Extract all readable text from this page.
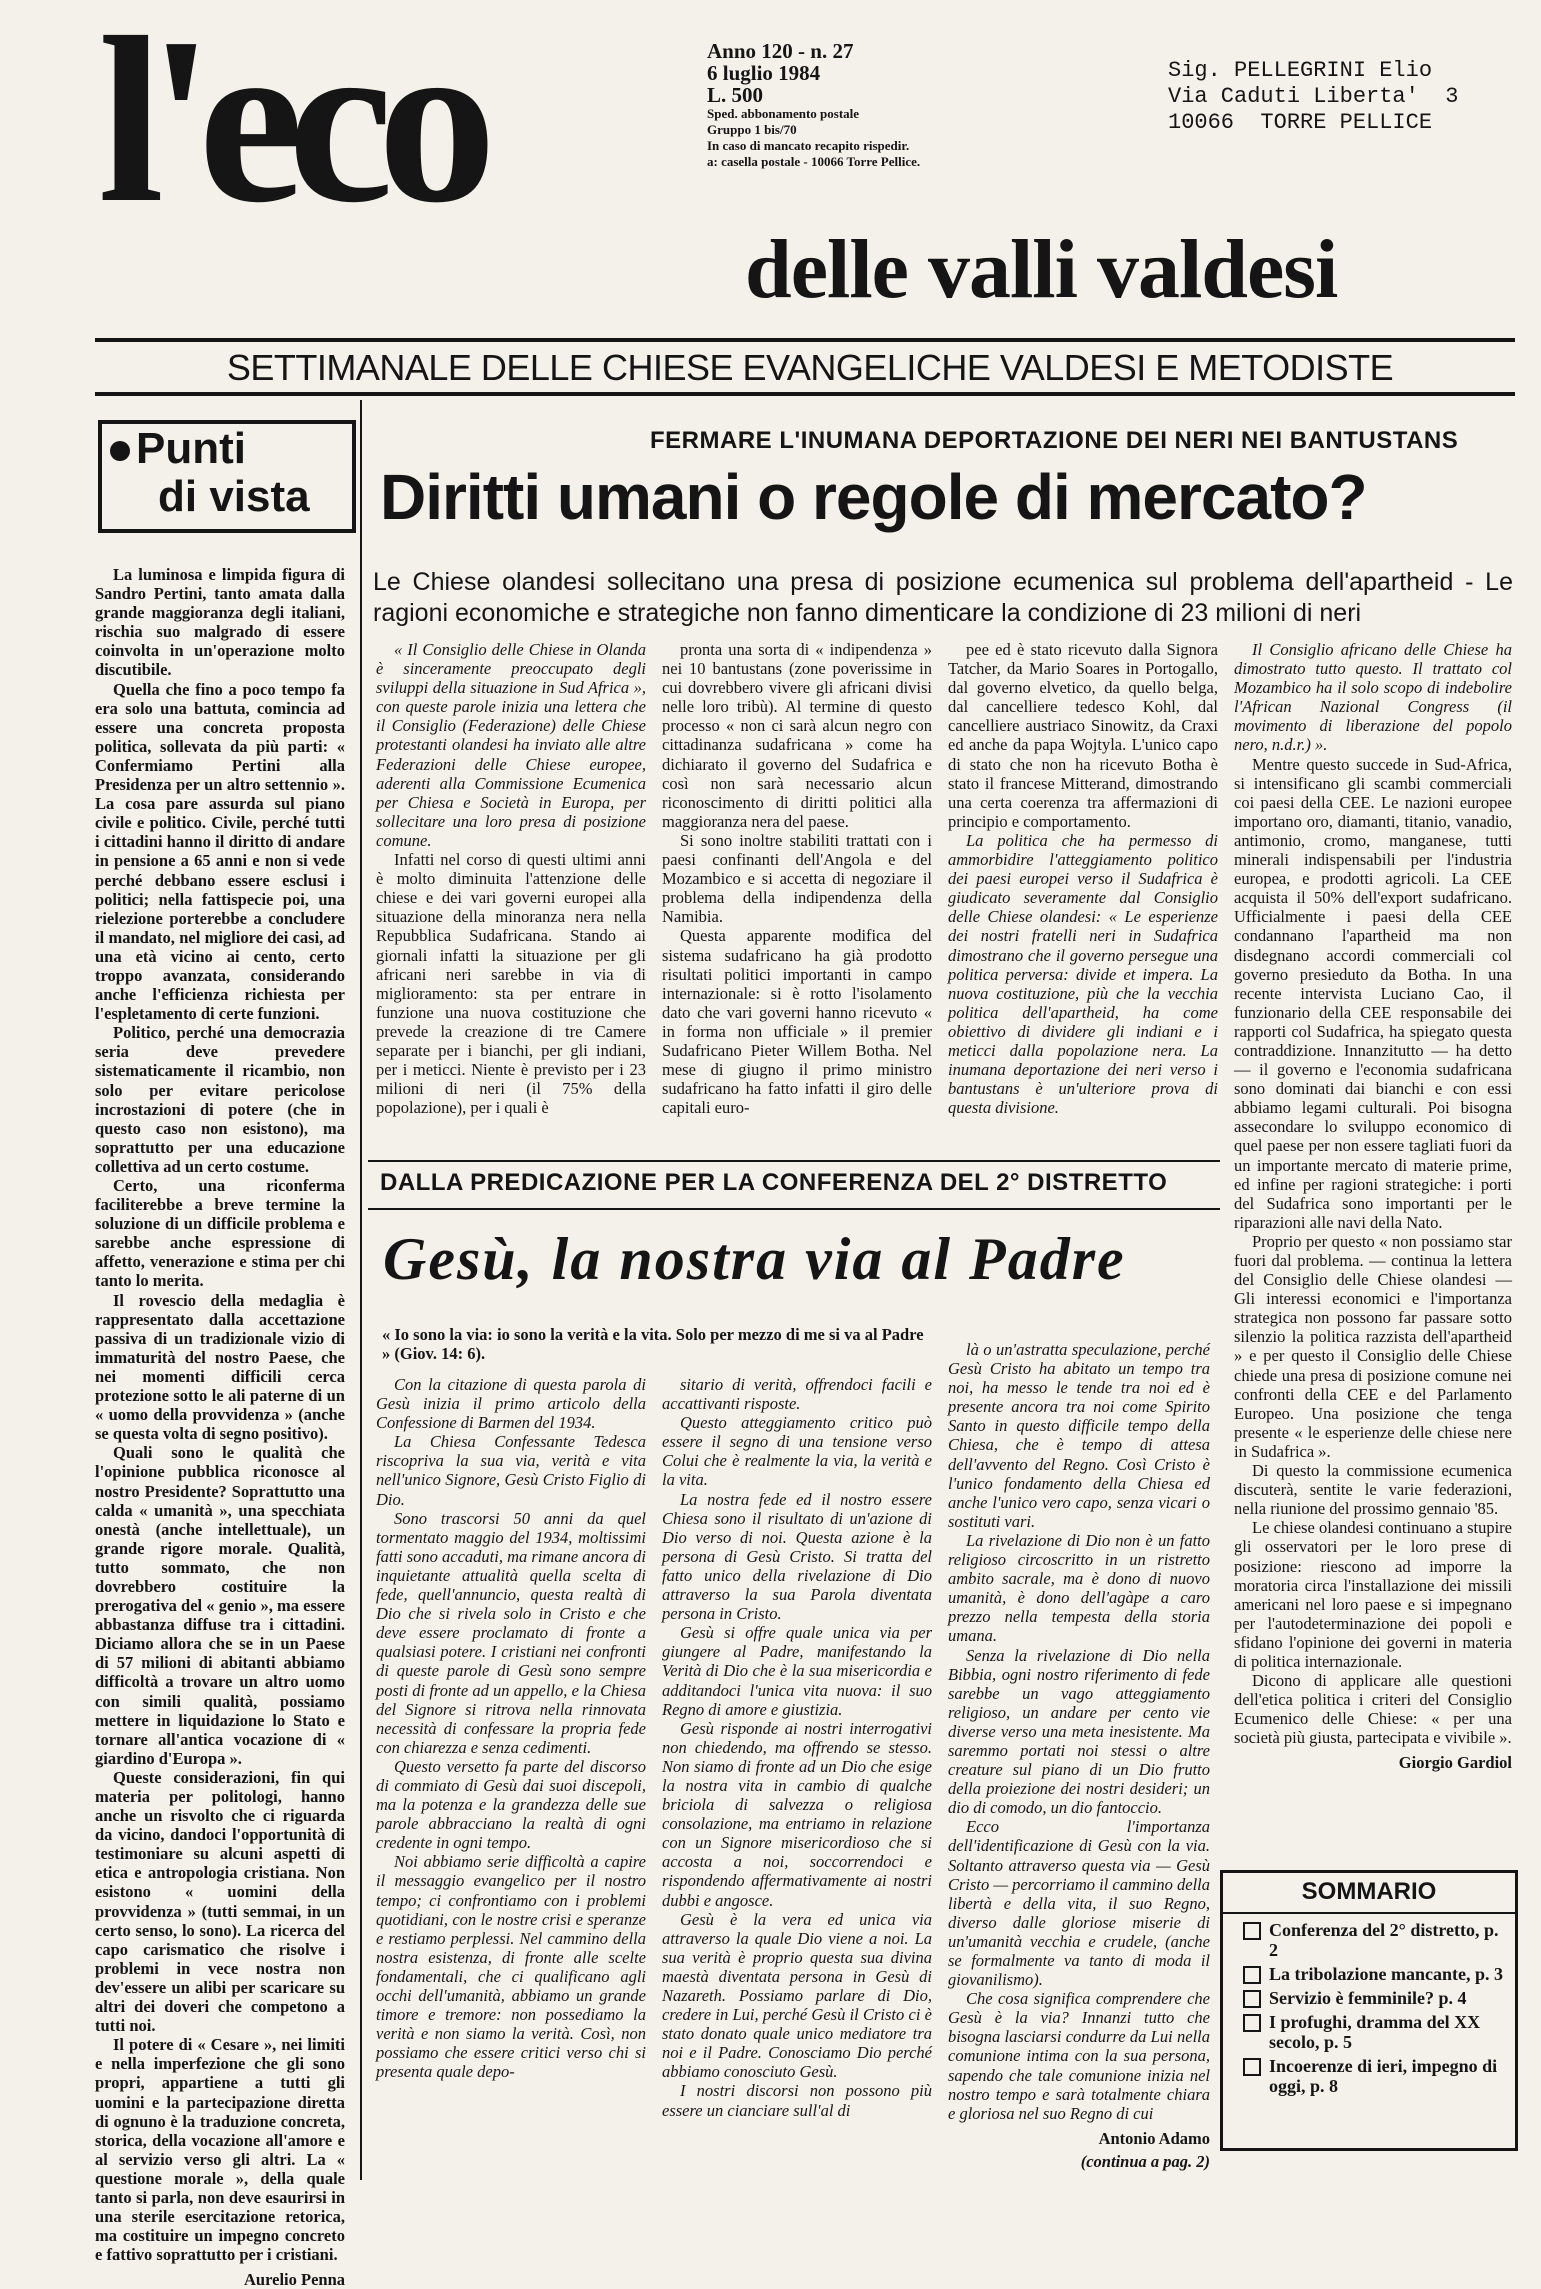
l'eco
delle valli valdesi
Anno 120 - n. 27
6 luglio 1984
L. 500
Sped. abbonamento postale
Gruppo 1 bis/70
In caso di mancato recapito rispedir.
a: casella postale - 10066 Torre Pellice.
Sig. PELLEGRINI Elio
Via Caduti Liberta'  3
10066  TORRE PELLICE
SETTIMANALE DELLE CHIESE EVANGELICHE VALDESI E METODISTE
Punti
di vista

La luminosa e limpida figura di Sandro Pertini, tanto amata dalla grande maggioranza degli italiani, rischia suo malgrado di essere coinvolta in un'operazione molto discutibile.

Quella che fino a poco tempo fa era solo una battuta, comincia ad essere una concreta proposta politica, sollevata da più parti: « Confermiamo Pertini alla Presidenza per un altro settennio ». La cosa pare assurda sul piano civile e politico. Civile, perché tutti i cittadini hanno il diritto di andare in pensione a 65 anni e non si vede perché debbano essere esclusi i politici; nella fattispecie poi, una rielezione porterebbe a concludere il mandato, nel migliore dei casi, ad una età vicino ai cento, certo troppo avanzata, considerando anche l'efficienza richiesta per l'espletamento di certe funzioni.

Politico, perché una democrazia seria deve prevedere sistematicamente il ricambio, non solo per evitare pericolose incrostazioni di potere (che in questo caso non esistono), ma soprattutto per una educazione collettiva ad un certo costume.

Certo, una riconferma faciliterebbe a breve termine la soluzione di un difficile problema e sarebbe anche espressione di affetto, venerazione e stima per chi tanto lo merita.

Il rovescio della medaglia è rappresentato dalla accettazione passiva di un tradizionale vizio di immaturità del nostro Paese, che nei momenti difficili cerca protezione sotto le ali paterne di un « uomo della provvidenza » (anche se questa volta di segno positivo).

Quali sono le qualità che l'opinione pubblica riconosce al nostro Presidente? Soprattutto una calda « umanità », una specchiata onestà (anche intellettuale), un grande rigore morale. Qualità, tutto sommato, che non dovrebbero costituire la prerogativa del « genio », ma essere abbastanza diffuse tra i cittadini. Diciamo allora che se in un Paese di 57 milioni di abitanti abbiamo difficoltà a trovare un altro uomo con simili qualità, possiamo mettere in liquidazione lo Stato e tornare all'antica vocazione di « giardino d'Europa ».

Queste considerazioni, fin qui materia per politologi, hanno anche un risvolto che ci riguarda da vicino, dandoci l'opportunità di testimoniare su alcuni aspetti di etica e antropologia cristiana. Non esistono « uomini della provvidenza » (tutti semmai, in un certo senso, lo sono). La ricerca del capo carismatico che risolve i problemi in vece nostra non dev'essere un alibi per scaricare su altri dei doveri che competono a tutti noi.

Il potere di « Cesare », nei limiti e nella imperfezione che gli sono propri, appartiene a tutti gli uomini e la partecipazione diretta di ognuno è la traduzione concreta, storica, della vocazione all'amore e al servizio verso gli altri. La « questione morale », della quale tanto si parla, non deve esaurirsi in una sterile esercitazione retorica, ma costituire un impegno concreto e fattivo soprattutto per i cristiani.

Aurelio Penna
FERMARE L'INUMANA DEPORTAZIONE DEI NERI NEI BANTUSTANS
Diritti umani o regole di mercato?
Le Chiese olandesi sollecitano una presa di posizione ecumenica sul problema dell'apartheid - Le ragioni economiche e strategiche non fanno dimenticare la condizione di 23 milioni di neri

« Il Consiglio delle Chiese in Olanda è sinceramente preoccupato degli sviluppi della situazione in Sud Africa », con queste parole inizia una lettera che il Consiglio (Federazione) delle Chiese protestanti olandesi ha inviato alle altre Federazioni delle Chiese europee, aderenti alla Commissione Ecumenica per Chiesa e Società in Europa, per sollecitare una loro presa di posizione comune.

Infatti nel corso di questi ultimi anni è molto diminuita l'attenzione delle chiese e dei vari governi europei alla situazione della minoranza nera nella Repubblica Sudafricana. Stando ai giornali infatti la situazione per gli africani neri sarebbe in via di miglioramento: sta per entrare in funzione una nuova costituzione che prevede la creazione di tre Camere separate per i bianchi, per gli indiani, per i meticci. Niente è previsto per i 23 milioni di neri (il 75% della popolazione), per i quali è

pronta una sorta di « indipendenza » nei 10 bantustans (zone poverissime in cui dovrebbero vivere gli africani divisi nelle loro tribù). Al termine di questo processo « non ci sarà alcun negro con cittadinanza sudafricana » come ha dichiarato il governo del Sudafrica e così non sarà necessario alcun riconoscimento di diritti politici alla maggioranza nera del paese.

Si sono inoltre stabiliti trattati con i paesi confinanti dell'Angola e del Mozambico e si accetta di negoziare il problema della indipendenza della Namibia.

Questa apparente modifica del sistema sudafricano ha già prodotto risultati politici importanti in campo internazionale: si è rotto l'isolamento dato che vari governi hanno ricevuto « in forma non ufficiale » il premier Sudafricano Pieter Willem Botha. Nel mese di giugno il primo ministro sudafricano ha fatto infatti il giro delle capitali euro-

pee ed è stato ricevuto dalla Signora Tatcher, da Mario Soares in Portogallo, dal governo elvetico, da quello belga, dal cancelliere tedesco Kohl, dal cancelliere austriaco Sinowitz, da Craxi ed anche da papa Wojtyla. L'unico capo di stato che non ha ricevuto Botha è stato il francese Mitterand, dimostrando una certa coerenza tra affermazioni di principio e comportamento.

La politica che ha permesso di ammorbidire l'atteggiamento politico dei paesi europei verso il Sudafrica è giudicato severamente dal Consiglio delle Chiese olandesi: « Le esperienze dei nostri fratelli neri in Sudafrica dimostrano che il governo persegue una politica perversa: divide et impera. La nuova costituzione, più che la vecchia politica dell'apartheid, ha come obiettivo di dividere gli indiani e i meticci dalla popolazione nera. La inumana deportazione dei neri verso i bantustans è un'ulteriore prova di questa divisione.

Il Consiglio africano delle Chiese ha dimostrato tutto questo. Il trattato col Mozambico ha il solo scopo di indebolire l'African Nazional Congress (il movimento di liberazione del popolo nero, n.d.r.) ».

Mentre questo succede in Sud-Africa, si intensificano gli scambi commerciali coi paesi della CEE. Le nazioni europee importano oro, diamanti, titanio, vanadio, antimonio, cromo, manganese, tutti minerali indispensabili per l'industria europea, e prodotti agricoli. La CEE acquista il 50% dell'export sudafricano. Ufficialmente i paesi della CEE condannano l'apartheid ma non disdegnano accordi commerciali col governo presieduto da Botha. In una recente intervista Luciano Cao, il funzionario della CEE responsabile dei rapporti col Sudafrica, ha spiegato questa contraddizione. Innanzitutto — ha detto — il governo e l'economia sudafricana sono dominati dai bianchi e con essi abbiamo legami culturali. Poi bisogna assecondare lo sviluppo economico di quel paese per non essere tagliati fuori da un importante mercato di materie prime, ed infine per ragioni strategiche: i porti del Sudafrica sono importanti per le riparazioni alle navi della Nato.

Proprio per questo « non possiamo star fuori dal problema. — continua la lettera del Consiglio delle Chiese olandesi — Gli interessi economici e l'importanza strategica non possono far passare sotto silenzio la politica razzista dell'apartheid » e per questo il Consiglio delle Chiese chiede una presa di posizione comune nei confronti della CEE e del Parlamento Europeo. Una posizione che tenga presente « le esperienze delle chiese nere in Sudafrica ».

Di questo la commissione ecumenica discuterà, sentite le varie federazioni, nella riunione del prossimo gennaio '85.

Le chiese olandesi continuano a stupire gli osservatori per le loro prese di posizione: riescono ad imporre la moratoria circa l'installazione dei missili americani nel loro paese e si impegnano per l'autodeterminazione dei popoli e sfidano l'opinione dei governi in materia di politica internazionale.

Dicono di applicare alle questioni dell'etica politica i criteri del Consiglio Ecumenico delle Chiese: « per una società più giusta, partecipata e vivibile ».

Giorgio Gardiol
DALLA PREDICAZIONE PER LA CONFERENZA DEL 2° DISTRETTO
Gesù, la nostra via al Padre
« Io sono la via: io sono la verità e la vita. Solo per mezzo di me si va al Padre » (Giov. 14: 6).

Con la citazione di questa parola di Gesù inizia il primo articolo della Confessione di Barmen del 1934.

La Chiesa Confessante Tedesca riscopriva la sua via, verità e vita nell'unico Signore, Gesù Cristo Figlio di Dio.

Sono trascorsi 50 anni da quel tormentato maggio del 1934, moltissimi fatti sono accaduti, ma rimane ancora di inquietante attualità quella scelta di fede, quell'annuncio, questa realtà di Dio che si rivela solo in Cristo e che deve essere proclamato di fronte a qualsiasi potere. I cristiani nei confronti di queste parole di Gesù sono sempre posti di fronte ad un appello, e la Chiesa del Signore si ritrova nella rinnovata necessità di confessare la propria fede con chiarezza e senza cedimenti.

Questo versetto fa parte del discorso di commiato di Gesù dai suoi discepoli, ma la potenza e la grandezza delle sue parole abbracciano la realtà di ogni credente in ogni tempo.

Noi abbiamo serie difficoltà a capire il messaggio evangelico per il nostro tempo; ci confrontiamo con i problemi quotidiani, con le nostre crisi e speranze e restiamo perplessi. Nel cammino della nostra esistenza, di fronte alle scelte fondamentali, che ci qualificano agli occhi dell'umanità, abbiamo un grande timore e tremore: non possediamo la verità e non siamo la verità. Così, non possiamo che essere critici verso chi si presenta quale depo-

sitario di verità, offrendoci facili e accattivanti risposte.

Questo atteggiamento critico può essere il segno di una tensione verso Colui che è realmente la via, la verità e la vita.

La nostra fede ed il nostro essere Chiesa sono il risultato di un'azione di Dio verso di noi. Questa azione è la persona di Gesù Cristo. Si tratta del fatto unico della rivelazione di Dio attraverso la sua Parola diventata persona in Cristo.

Gesù si offre quale unica via per giungere al Padre, manifestando la Verità di Dio che è la sua misericordia e additandoci l'unica vita nuova: il suo Regno di amore e giustizia.

Gesù risponde ai nostri interrogativi non chiedendo, ma offrendo se stesso. Non siamo di fronte ad un Dio che esige la nostra vita in cambio di qualche briciola di salvezza o religiosa consolazione, ma entriamo in relazione con un Signore misericordioso che si accosta a noi, soccorrendoci e rispondendo affermativamente ai nostri dubbi e angosce.

Gesù è la vera ed unica via attraverso la quale Dio viene a noi. La sua verità è proprio questa sua divina maestà diventata persona in Gesù di Nazareth. Possiamo parlare di Dio, credere in Lui, perché Gesù il Cristo ci è stato donato quale unico mediatore tra noi e il Padre. Conosciamo Dio perché abbiamo conosciuto Gesù.

I nostri discorsi non possono più essere un cianciare sull'al di

là o un'astratta speculazione, perché Gesù Cristo ha abitato un tempo tra noi, ha messo le tende tra noi ed è presente ancora tra noi come Spirito Santo in questo difficile tempo della Chiesa, che è tempo di attesa dell'avvento del Regno. Così Cristo è l'unico fondamento della Chiesa ed anche l'unico vero capo, senza vicari o sostituti vari.

La rivelazione di Dio non è un fatto religioso circoscritto in un ristretto ambito sacrale, ma è dono di nuovo umanità, è dono dell'agàpe a caro prezzo nella tempesta della storia umana.

Senza la rivelazione di Dio nella Bibbia, ogni nostro riferimento di fede sarebbe un vago atteggiamento religioso, un andare per cento vie diverse verso una meta inesistente. Ma saremmo portati noi stessi o altre creature sul piano di un Dio frutto della proiezione dei nostri desideri; un dio di comodo, un dio fantoccio.

Ecco l'importanza dell'identificazione di Gesù con la via. Soltanto attraverso questa via — Gesù Cristo — percorriamo il cammino della libertà e della vita, il suo Regno, diverso dalle gloriose miserie di un'umanità vecchia e crudele, (anche se formalmente va tanto di moda il giovanilismo).

Che cosa significa comprendere che Gesù è la via? Innanzi tutto che bisogna lasciarsi condurre da Lui nella comunione intima con la sua persona, sapendo che tale comunione inizia nel nostro tempo e sarà totalmente chiara e gloriosa nel suo Regno di cui

Antonio Adamo
(continua a pag. 2)
SOMMARIO
Conferenza del 2° distretto, p. 2
La tribolazione mancante, p. 3
Servizio è femminile? p. 4
I profughi, dramma del XX secolo, p. 5
Incoerenze di ieri, impegno di oggi, p. 8
